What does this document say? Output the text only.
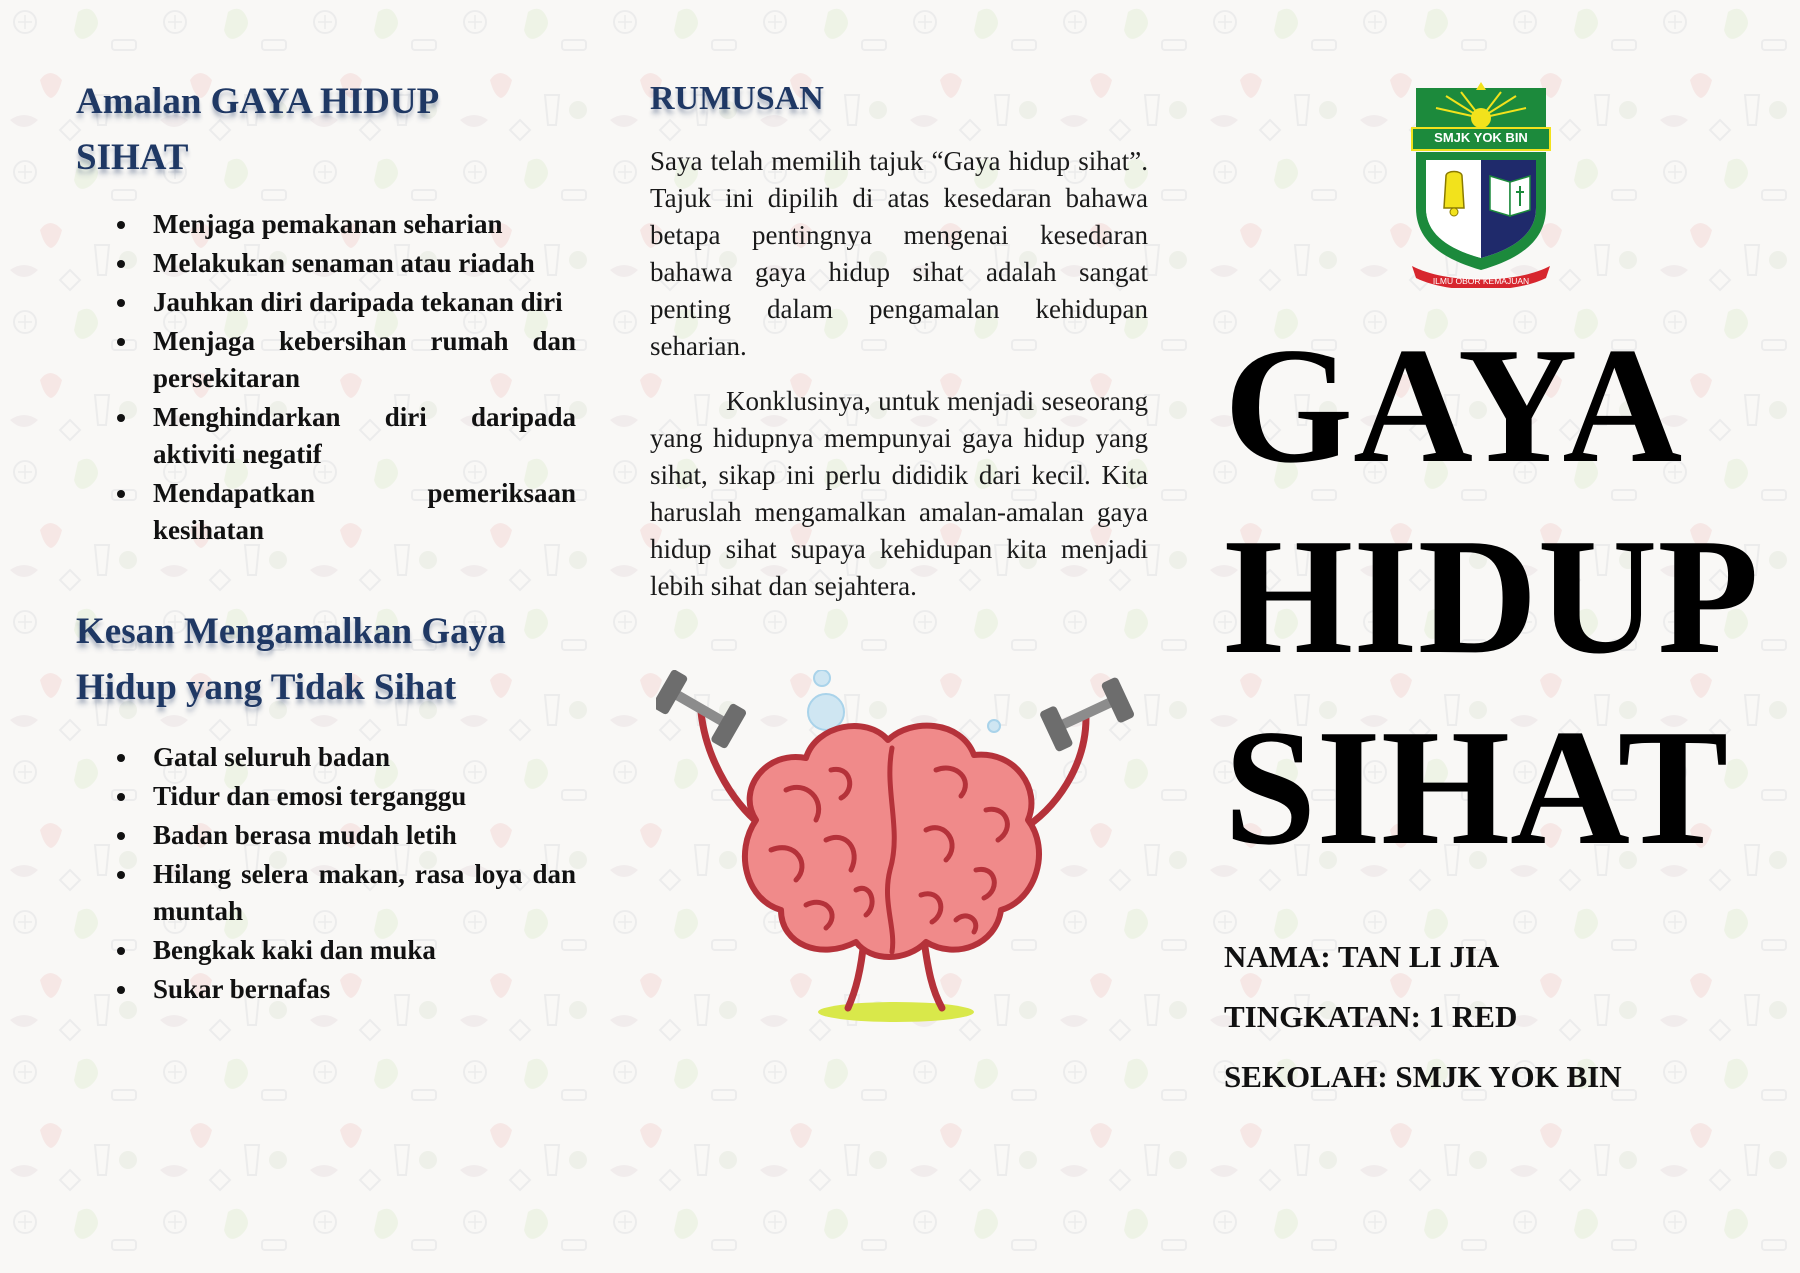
Amalan GAYA HIDUP SIHAT
Menjaga pemakanan seharian
Melakukan senaman atau riadah
Jauhkan diri daripada tekanan diri
Menjaga kebersihan rumah dan persekitaran
Menghindarkan diri daripada aktiviti negatif
Mendapatkan pemeriksaan kesihatan
Kesan Mengamalkan Gaya Hidup yang Tidak Sihat
Gatal seluruh badan
Tidur dan emosi terganggu
Badan berasa mudah letih
Hilang selera makan, rasa loya dan muntah
Bengkak kaki dan muka
Sukar bernafas
RUMUSAN

Saya telah memilih tajuk “Gaya hidup sihat”. Tajuk ini dipilih di atas kesedaran bahawa betapa pentingnya mengenai kesedaran bahawa gaya hidup sihat adalah sangat penting dalam pengamalan kehidupan seharian.

Konklusinya, untuk menjadi seseorang yang hidupnya mempunyai gaya hidup yang sihat, sikap ini perlu dididik dari kecil. Kita haruslah mengamalkan amalan-amalan gaya hidup sihat supaya kehidupan kita menjadi lebih sihat dan sejahtera.

SMJK YOK BIN
ILMU OBOR KEMAJUAN
GAYA
HIDUP
SIHAT

NAMA: TAN LI JIA

TINGKATAN: 1 RED

SEKOLAH: SMJK YOK BIN
